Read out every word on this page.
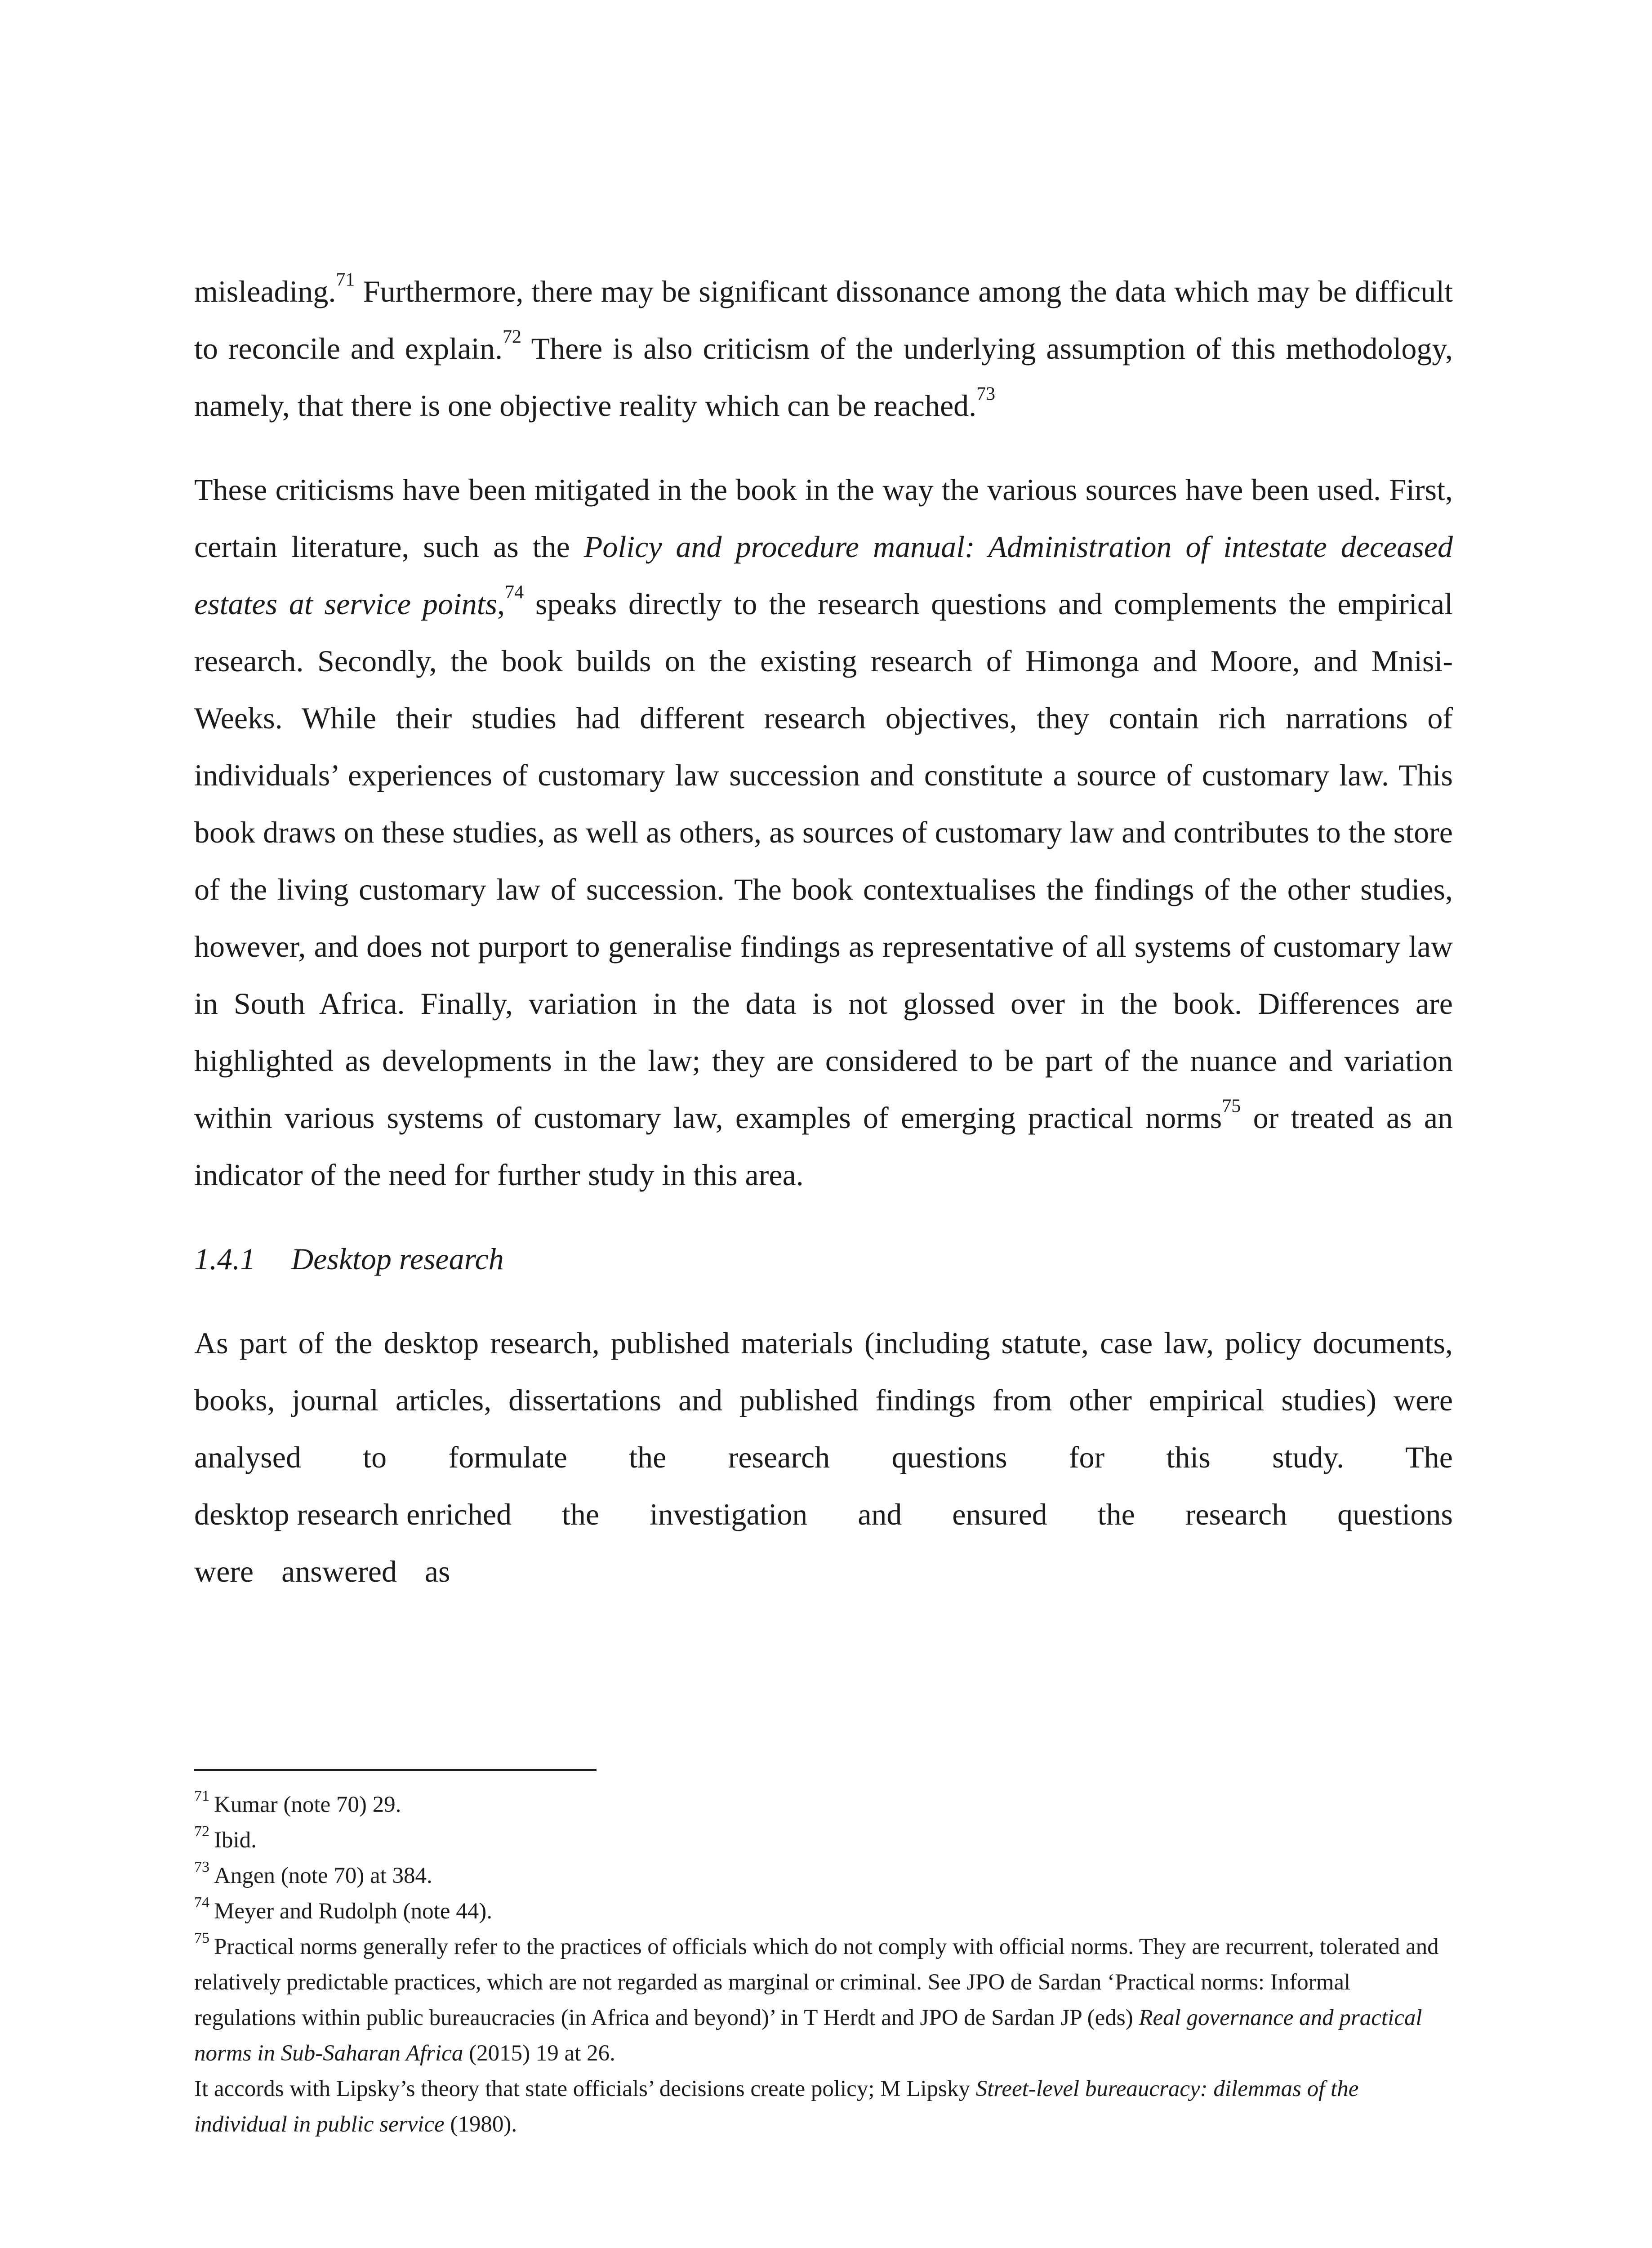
misleading.$^{71}$ Furthermore, there may be significant dissonance among the data which may be difficult to reconcile and explain.$^{72}$ There is also criticism of the underlying assumption of this methodology, namely, that there is one objective reality which can be reached.$^{73}$

These criticisms have been mitigated in the book in the way the various sources have been used. First, certain literature, such as the Policy and procedure manual: Administration of intestate deceased estates at service points,$^{74}$ speaks directly to the research questions and complements the empirical research. Secondly, the book builds on the existing research of Himonga and Moore, and Mnisi-Weeks. While their studies had different research objectives, they contain rich narrations of individuals’ experiences of customary law succession and constitute a source of customary law. This book draws on these studies, as well as others, as sources of customary law and contributes to the store of the living customary law of succession. The book contextualises the findings of the other studies, however, and does not purport to generalise findings as representative of all systems of customary law in South Africa. Finally, variation in the data is not glossed over in the book. Differences are highlighted as developments in the law; they are considered to be part of the nuance and variation within various systems of customary law, examples of emerging practical norms$^{75}$ or treated as an indicator of the need for further study in this area.

1.4.1 Desktop research

As part of the desktop research, published materials (including statute, case law, policy documents, books, journal articles, dissertations and published findings from other empirical studies) were analysed to formulate the research questions for this study. The

desktop research enriched the investigation and ensured the research questions
were answered as

$^{71}$ Kumar (note 70) 29.

$^{72}$ Ibid.

$^{73}$ Angen (note 70) at 384.

$^{74}$ Meyer and Rudolph (note 44).

$^{75}$ Practical norms generally refer to the practices of officials which do not comply with official norms. They are recurrent, tolerated and relatively predictable practices, which are not regarded as marginal or criminal. See JPO de Sardan ‘Practical norms: Informal regulations within public bureaucracies (in Africa and beyond)’ in T Herdt and JPO de Sardan JP (eds) Real governance and practical norms in Sub-Saharan Africa (2015) 19 at 26.

It accords with Lipsky’s theory that state officials’ decisions create policy; M Lipsky Street-level bureaucracy: dilemmas of the individual in public service (1980).
